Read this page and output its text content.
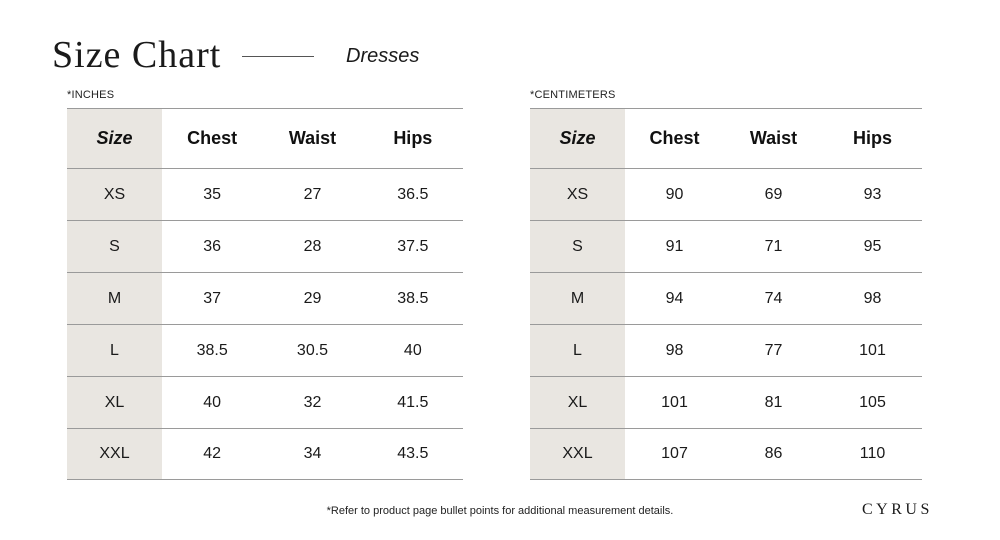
Size Chart	Dresses
*INCHES	*CENTIMETERS
Size	Chest	Waist	Hips
XS	35	27	36.5
S	36	28	37.5
M	37	29	38.5
L	38.5	30.5	40
XL	40	32	41.5
XXL	42	34	43.5
Size	Chest	Waist	Hips
XS	90	69	93
S	91	71	95
M	94	74	98
L	98	77	101
XL	101	81	105
XXL	107	86	110
*Refer to product page bullet points for additional measurement details.	CYRUS
